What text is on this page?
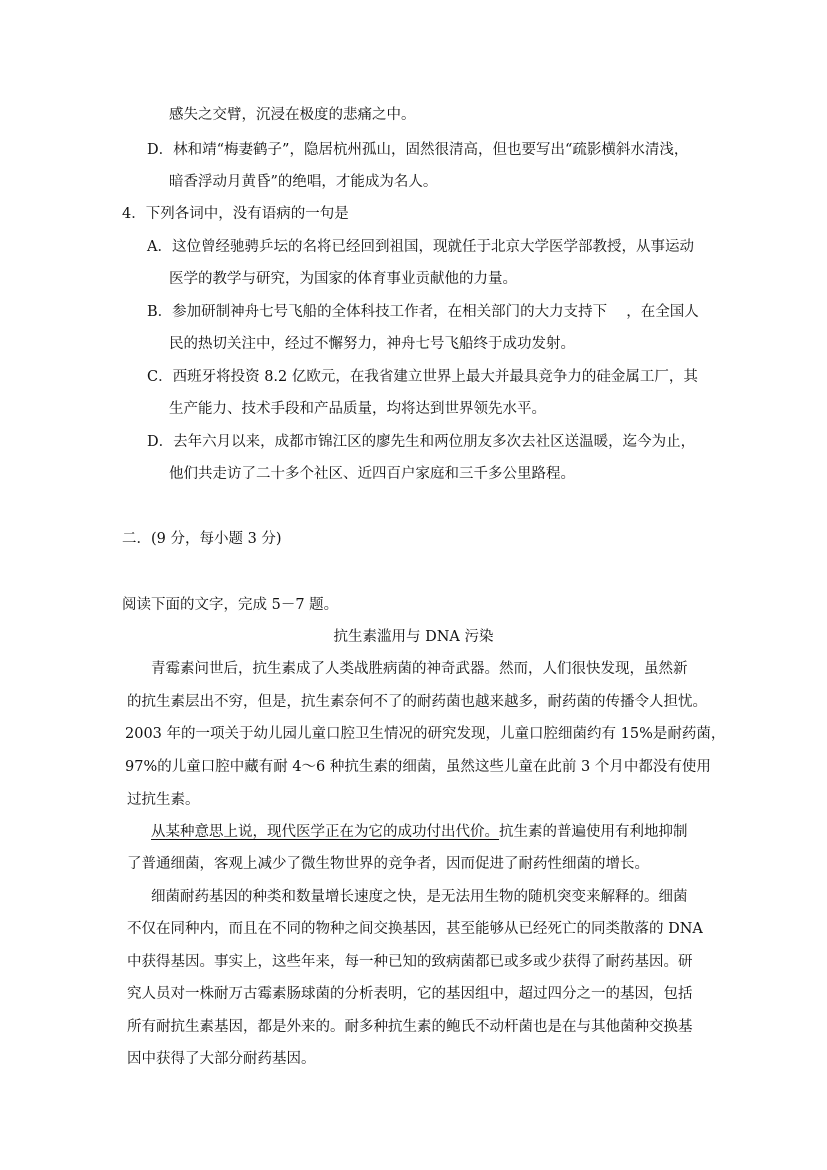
感失之交臂，沉浸在极度的悲痛之中。
D．林和靖“梅妻鹤子”，隐居杭州孤山，固然很清高，但也要写出“疏影横斜水清浅，
暗香浮动月黄昏”的绝唱，才能成为名人。
4．下列各词中，没有语病的一句是
A．这位曾经驰骋乒坛的名将已经回到祖国，现就任于北京大学医学部教授，从事运动
医学的教学与研究，为国家的体育事业贡献他的力量。
B．参加研制神舟七号飞船的全体科技工作者，在相关部门的大力支持下　 ，在全国人
民的热切关注中，经过不懈努力，神舟七号飞船终于成功发射。
C．西班牙将投资 8.2 亿欧元，在我省建立世界上最大并最具竞争力的硅金属工厂，其
生产能力、技术手段和产品质量，均将达到世界领先水平。
D．去年六月以来，成都市锦江区的廖先生和两位朋友多次去社区送温暖，迄今为止，
他们共走访了二十多个社区、近四百户家庭和三千多公里路程。
二．(9 分，每小题 3 分)
阅读下面的文字，完成 5－7 题。
抗生素滥用与 DNA 污染
青霉素问世后，抗生素成了人类战胜病菌的神奇武器。然而，人们很快发现，虽然新
的抗生素层出不穷，但是，抗生素奈何不了的耐药菌也越来越多，耐药菌的传播令人担忧。
2003 年的一项关于幼儿园儿童口腔卫生情况的研究发现，儿童口腔细菌约有 15%是耐药菌，
97%的儿童口腔中藏有耐 4～6 种抗生素的细菌，虽然这些儿童在此前 3 个月中都没有使用
过抗生素。
从某种意思上说，现代医学正在为它的成功付出代价。抗生素的普遍使用有利地抑制
了普通细菌，客观上减少了微生物世界的竞争者，因而促进了耐药性细菌的增长。
细菌耐药基因的种类和数量增长速度之快，是无法用生物的随机突变来解释的。细菌
不仅在同种内，而且在不同的物种之间交换基因，甚至能够从已经死亡的同类散落的 DNA
中获得基因。事实上，这些年来，每一种已知的致病菌都已或多或少获得了耐药基因。研
究人员对一株耐万古霉素肠球菌的分析表明，它的基因组中，超过四分之一的基因，包括
所有耐抗生素基因，都是外来的。耐多种抗生素的鲍氏不动杆菌也是在与其他菌种交换基
因中获得了大部分耐药基因。
